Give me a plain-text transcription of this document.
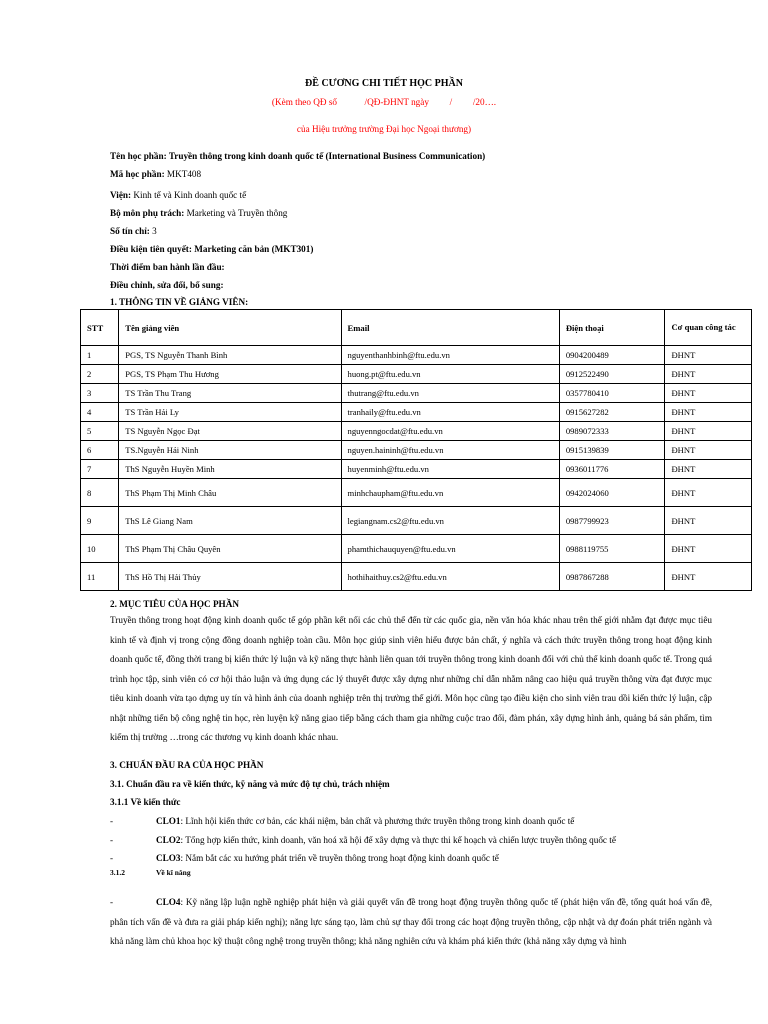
ĐỀ CƯƠNG CHI TIẾT HỌC PHẦN
(Kèm theo QĐ số            /QĐ-ĐHNT ngày         /         /20….
của Hiệu trưởng trường Đại học Ngoại thương)
Tên học phần: Truyền thông trong kinh doanh quốc tế (International Business Communication)
Mã học phần: MKT408
Viện: Kinh tế và Kinh doanh quốc tế
Bộ môn phụ trách: Marketing và Truyền thông
Số tín chỉ: 3
Điều kiện tiên quyết: Marketing căn bản (MKT301)
Thời điểm ban hành lần đầu:
Điều chỉnh, sửa đổi, bổ sung:
1. THÔNG TIN VỀ GIẢNG VIÊN:
STT	Tên giảng viên	Email	Điện thoại	Cơ quan công tác
1	PGS, TS Nguyễn Thanh Bình	nguyenthanhbinh@ftu.edu.vn	0904200489	ĐHNT
2	PGS, TS Phạm Thu Hương	huong.pt@ftu.edu.vn	0912522490	ĐHNT
3	TS Trần Thu Trang	thutrang@ftu.edu.vn	0357780410	ĐHNT
4	TS Trần Hải Ly	tranhaily@ftu.edu.vn	0915627282	ĐHNT
5	TS Nguyễn Ngọc Đạt	nguyenngocdat@ftu.edu.vn	0989072333	ĐHNT
6	TS.Nguyễn Hải Ninh	nguyen.haininh@ftu.edu.vn	0915139839	ĐHNT
7	ThS Nguyễn Huyền Minh	huyenminh@ftu.edu.vn	0936011776	ĐHNT
8	ThS Phạm Thị Minh Châu	minhchaupham@ftu.edu.vn	0942024060	ĐHNT
9	ThS Lê Giang Nam	legiangnam.cs2@ftu.edu.vn	0987799923	ĐHNT
10	ThS Phạm Thị Châu Quyên	phamthichauquyen@ftu.edu.vn	0988119755	ĐHNT
11	ThS Hồ Thị Hải Thủy	hothihaithuy.cs2@ftu.edu.vn	0987867288	ĐHNT
2. MỤC TIÊU CỦA HỌC PHẦN
Truyền thông trong hoạt động kinh doanh quốc tế góp phần kết nối các chủ thể đến từ các quốc gia, nền văn hóa khác nhau trên thế giới nhằm đạt được mục tiêu kinh tế và định vị trong cộng đồng doanh nghiệp toàn cầu. Môn học giúp sinh viên hiểu được bản chất, ý nghĩa và cách thức truyền thông trong hoạt động kinh doanh quốc tế, đồng thời trang bị kiến thức lý luận và kỹ năng thực hành liên quan tới truyền thông trong kinh doanh đối với chủ thể kinh doanh quốc tế. Trong quá trình học tập, sinh viên có cơ hội thảo luận và ứng dụng các lý thuyết được xây dựng như những chỉ dẫn nhằm nâng cao hiệu quả truyền thông vừa đạt được mục tiêu kinh doanh vừa tạo dựng uy tín và hình ảnh của doanh nghiệp trên thị trường thế giới. Môn học cũng tạo điều kiện cho sinh viên trau dồi kiến thức lý luận, cập nhật những tiến bộ công nghệ tin học, rèn luyện kỹ năng giao tiếp bằng cách tham gia những cuộc trao đổi, đàm phán, xây dựng hình ảnh, quảng bá sản phẩm, tìm kiếm thị trường …trong các thương vụ kinh doanh khác nhau.
3. CHUẨN ĐẦU RA CỦA HỌC PHẦN
3.1. Chuẩn đầu ra về kiến thức, kỹ năng và mức độ tự chủ, trách nhiệm
3.1.1 Về kiến thức
-	CLO1: Lĩnh hội kiến thức cơ bản, các khái niệm, bản chất và phương thức truyền thông trong kinh doanh quốc tế
-	CLO2: Tổng hợp kiến thức, kinh doanh, văn hoá xã hội để xây dựng và thực thi kế hoạch và chiến lược truyền thông quốc tế
-	CLO3: Nắm bắt các xu hướng phát triển về truyền thông trong hoạt động kinh doanh quốc tế
3.1.2	Về kĩ năng
-	CLO4: Kỹ năng lập luận nghề nghiệp phát hiện và giải quyết vấn đề trong hoạt động truyền thông quốc tế (phát hiện vấn đề, tổng quát hoá vấn đề, phân tích vấn đề và đưa ra giải pháp kiến nghị); năng lực sáng tạo, làm chủ sự thay đổi trong các hoạt động truyền thông, cập nhật và dự đoán phát triển ngành và khả năng làm chủ khoa học kỹ thuật công nghệ trong truyền thông; khả năng nghiên cứu và khám phá kiến thức (khả năng xây dựng và hình
